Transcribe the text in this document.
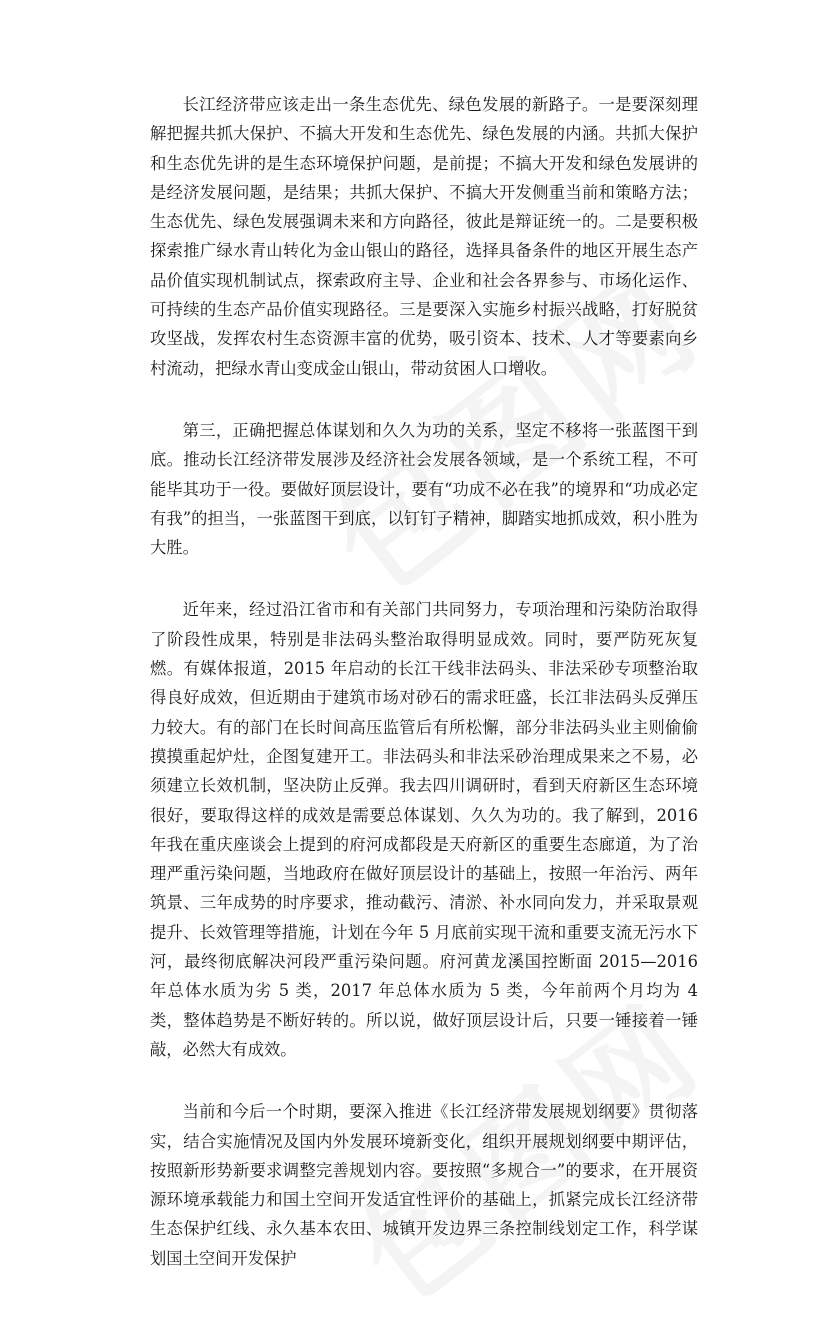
长江经济带应该走出一条生态优先、绿色发展的新路子。一是要深刻理解把握共抓大保护、不搞大开发和生态优先、绿色发展的内涵。共抓大保护和生态优先讲的是生态环境保护问题，是前提；不搞大开发和绿色发展讲的是经济发展问题，是结果；共抓大保护、不搞大开发侧重当前和策略方法；生态优先、绿色发展强调未来和方向路径，彼此是辩证统一的。二是要积极探索推广绿水青山转化为金山银山的路径，选择具备条件的地区开展生态产品价值实现机制试点，探索政府主导、企业和社会各界参与、市场化运作、可持续的生态产品价值实现路径。三是要深入实施乡村振兴战略，打好脱贫攻坚战，发挥农村生态资源丰富的优势，吸引资本、技术、人才等要素向乡村流动，把绿水青山变成金山银山，带动贫困人口增收。

第三，正确把握总体谋划和久久为功的关系，坚定不移将一张蓝图干到底。推动长江经济带发展涉及经济社会发展各领域，是一个系统工程，不可能毕其功于一役。要做好顶层设计，要有“功成不必在我”的境界和“功成必定有我”的担当，一张蓝图干到底，以钉钉子精神，脚踏实地抓成效，积小胜为大胜。

近年来，经过沿江省市和有关部门共同努力，专项治理和污染防治取得了阶段性成果，特别是非法码头整治取得明显成效。同时，要严防死灰复燃。有媒体报道，2015 年启动的长江干线非法码头、非法采砂专项整治取得良好成效，但近期由于建筑市场对砂石的需求旺盛，长江非法码头反弹压力较大。有的部门在长时间高压监管后有所松懈，部分非法码头业主则偷偷摸摸重起炉灶，企图复建开工。非法码头和非法采砂治理成果来之不易，必须建立长效机制，坚决防止反弹。我去四川调研时，看到天府新区生态环境很好，要取得这样的成效是需要总体谋划、久久为功的。我了解到，2016 年我在重庆座谈会上提到的府河成都段是天府新区的重要生态廊道，为了治理严重污染问题，当地政府在做好顶层设计的基础上，按照一年治污、两年筑景、三年成势的时序要求，推动截污、清淤、补水同向发力，并采取景观提升、长效管理等措施，计划在今年 5 月底前实现干流和重要支流无污水下河，最终彻底解决河段严重污染问题。府河黄龙溪国控断面 2015—2016 年总体水质为劣 5 类，2017 年总体水质为 5 类，今年前两个月均为 4 类，整体趋势是不断好转的。所以说，做好顶层设计后，只要一锤接着一锤敲，必然大有成效。

当前和今后一个时期，要深入推进《长江经济带发展规划纲要》贯彻落实，结合实施情况及国内外发展环境新变化，组织开展规划纲要中期评估，按照新形势新要求调整完善规划内容。要按照“多规合一”的要求，在开展资源环境承载能力和国土空间开发适宜性评价的基础上，抓紧完成长江经济带生态保护红线、永久基本农田、城镇开发边界三条控制线划定工作，科学谋划国土空间开发保护
